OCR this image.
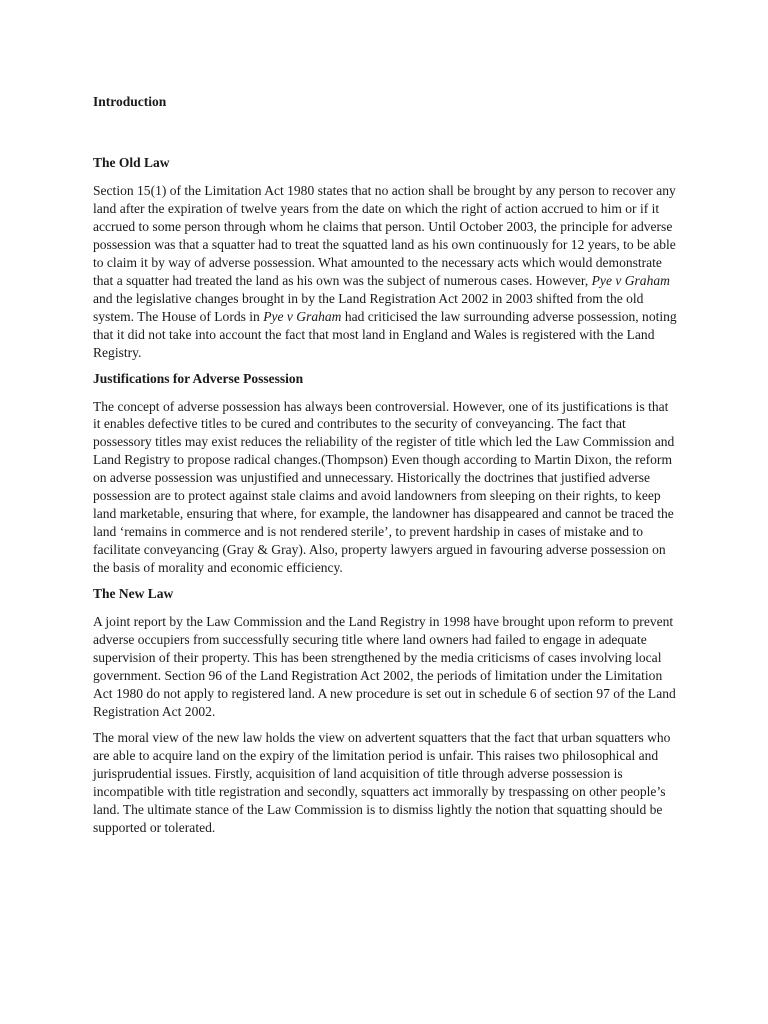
Introduction
The Old Law

Section 15(1) of the Limitation Act 1980 states that no action shall be brought by any person to recover any land after the expiration of twelve years from the date on which the right of action accrued to him or if it accrued to some person through whom he claims that person. Until October 2003, the principle for adverse possession was that a squatter had to treat the squatted land as his own continuously for 12 years, to be able to claim it by way of adverse possession. What amounted to the necessary acts which would demonstrate that a squatter had treated the land as his own was the subject of numerous cases. However, Pye v Graham and the legislative changes brought in by the Land Registration Act 2002 in 2003 shifted from the old system. The House of Lords in Pye v Graham had criticised the law surrounding adverse possession, noting that it did not take into account the fact that most land in England and Wales is registered with the Land Registry.

Justifications for Adverse Possession

The concept of adverse possession has always been controversial. However, one of its justifications is that it enables defective titles to be cured and contributes to the security of conveyancing. The fact that possessory titles may exist reduces the reliability of the register of title which led the Law Commission and Land Registry to propose radical changes.(Thompson) Even though according to Martin Dixon, the reform on adverse possession was unjustified and unnecessary. Historically the doctrines that justified adverse possession are to protect against stale claims and avoid landowners from sleeping on their rights, to keep land marketable, ensuring that where, for example, the landowner has disappeared and cannot be traced the land ‘remains in commerce and is not rendered sterile’, to prevent hardship in cases of mistake and to facilitate conveyancing (Gray & Gray). Also, property lawyers argued in favouring adverse possession on the basis of morality and economic efficiency.

The New Law

A joint report by the Law Commission and the Land Registry in 1998 have brought upon reform to prevent adverse occupiers from successfully securing title where land owners had failed to engage in adequate supervision of their property. This has been strengthened by the media criticisms of cases involving local government. Section 96 of the Land Registration Act 2002, the periods of limitation under the Limitation Act 1980 do not apply to registered land. A new procedure is set out in schedule 6 of section 97 of the Land Registration Act 2002.

The moral view of the new law holds the view on advertent squatters that the fact that urban squatters who are able to acquire land on the expiry of the limitation period is unfair. This raises two philosophical and jurisprudential issues. Firstly, acquisition of land acquisition of title through adverse possession is incompatible with title registration and secondly, squatters act immorally by trespassing on other people’s land. The ultimate stance of the Law Commission is to dismiss lightly the notion that squatting should be supported or tolerated.
